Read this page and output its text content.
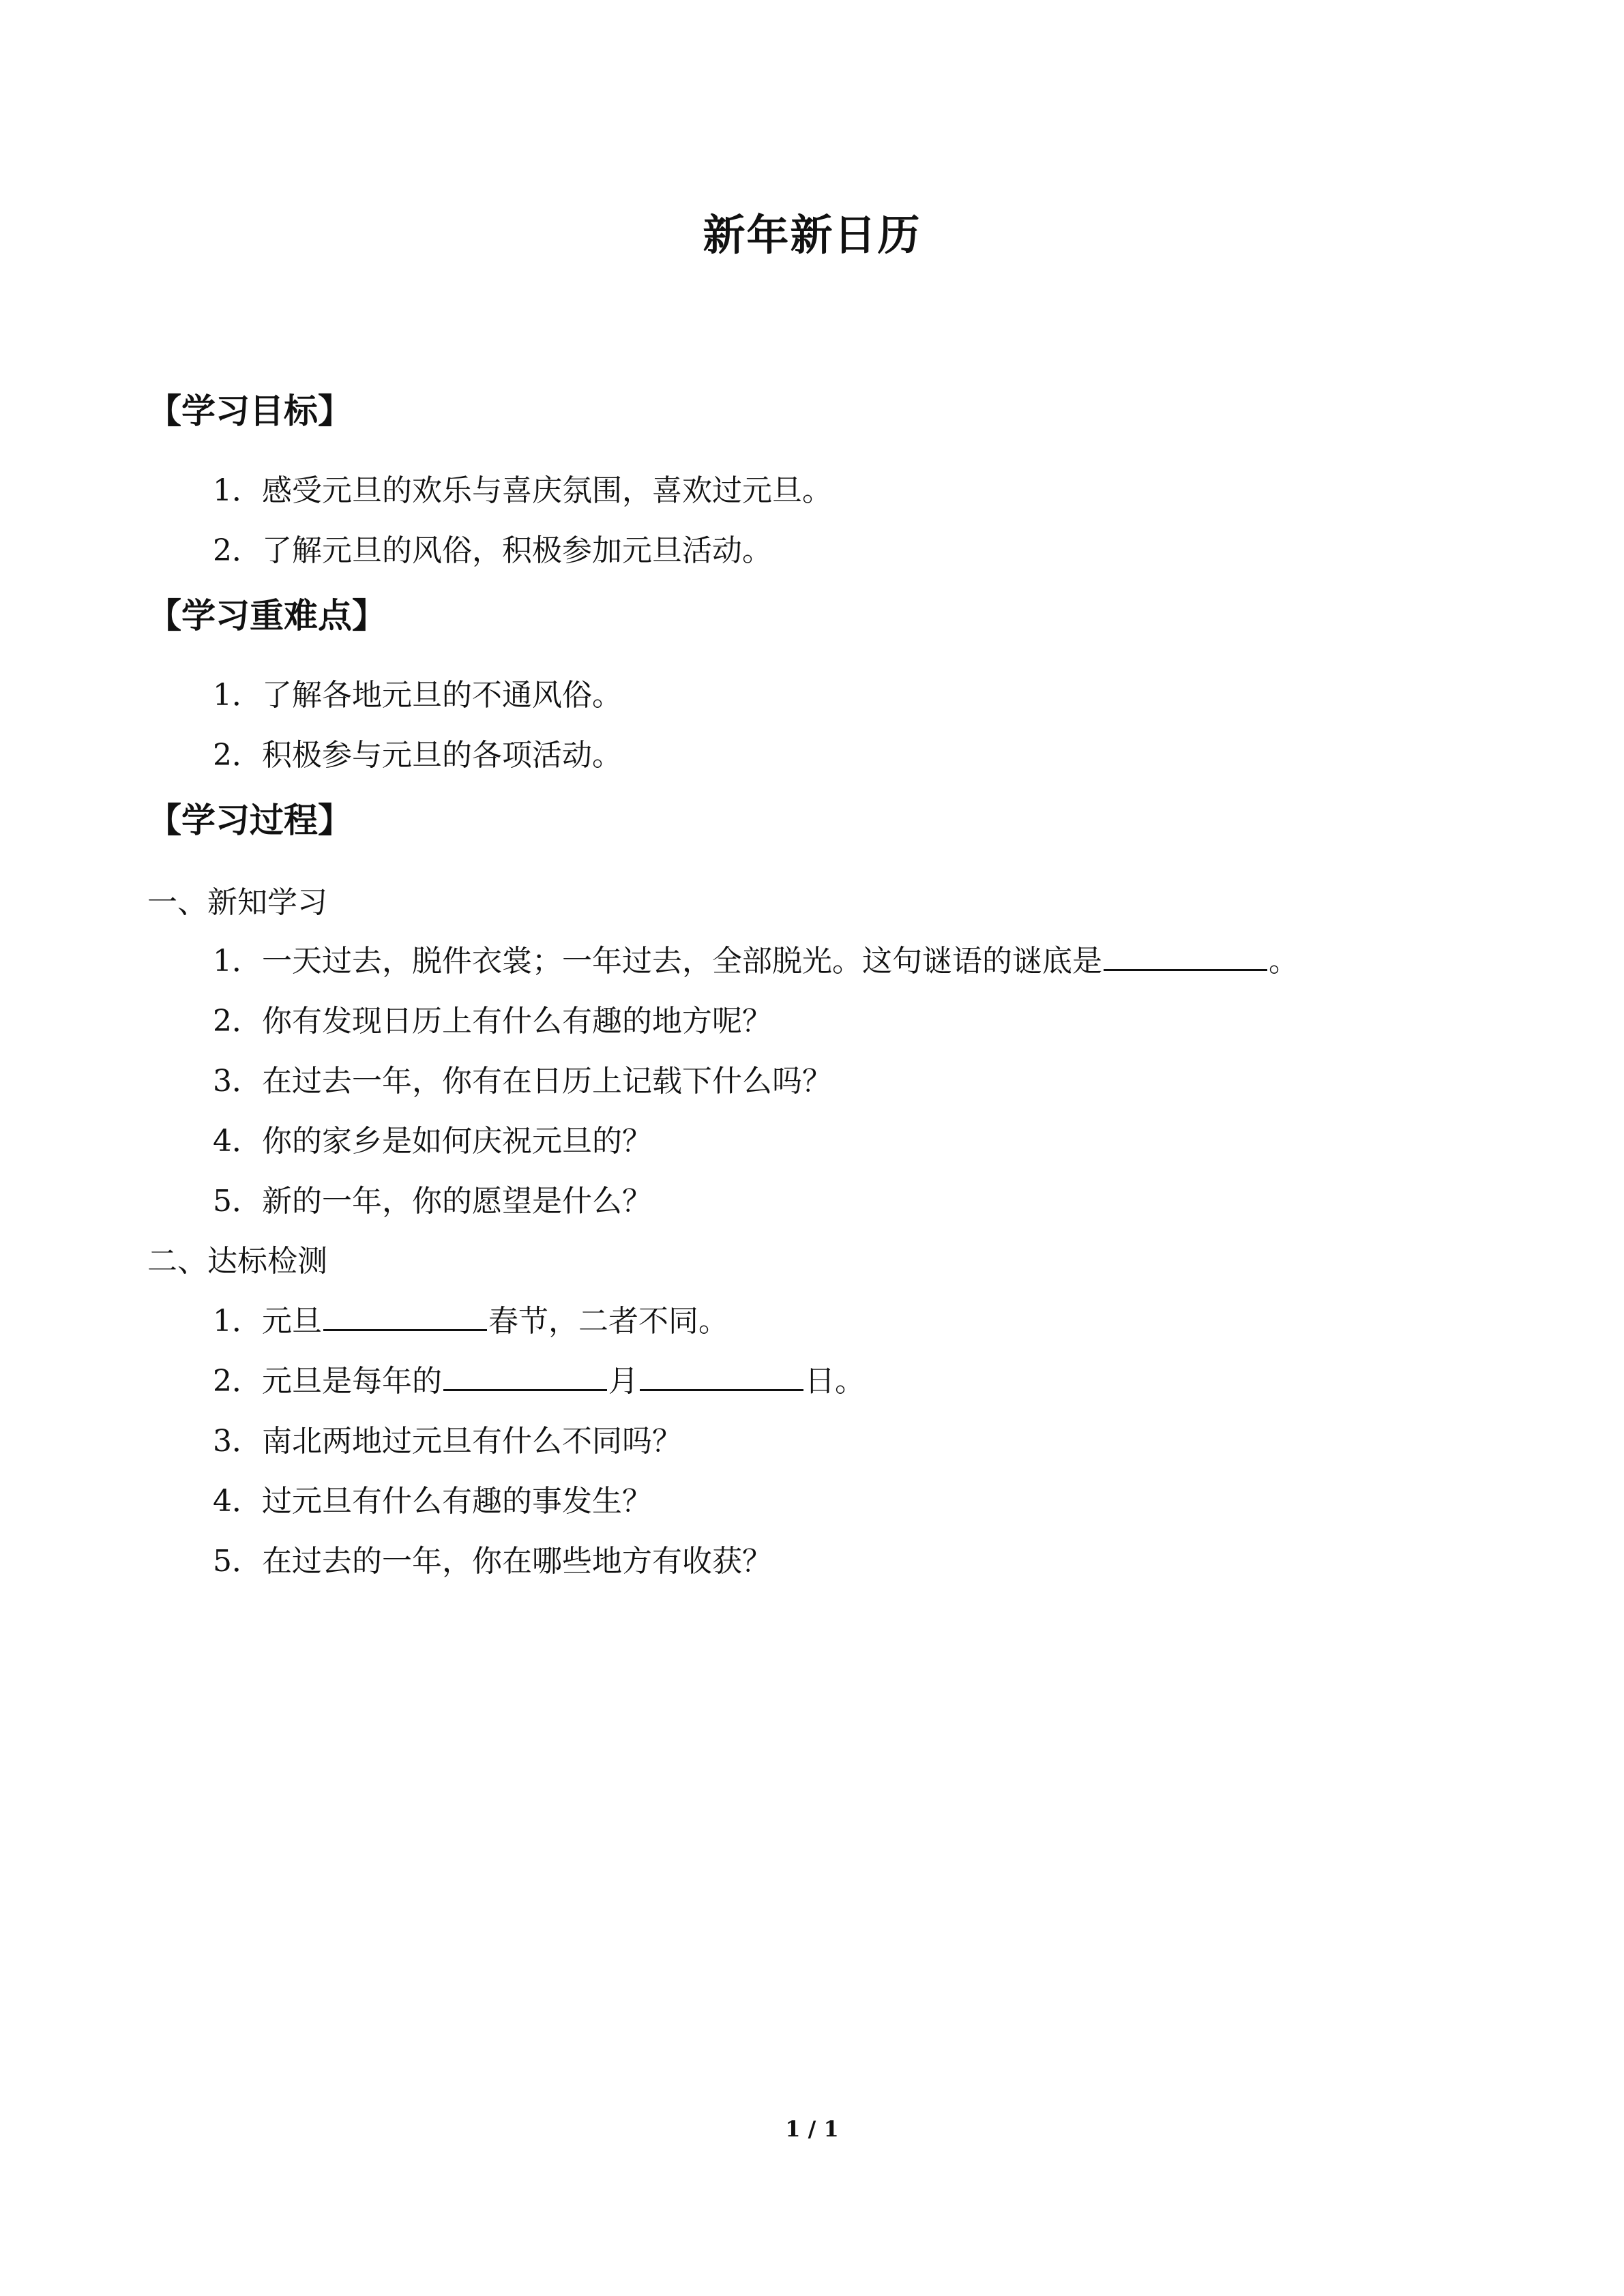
新年新日历
【学习目标】
1．感受元旦的欢乐与喜庆氛围，喜欢过元旦。
2．了解元旦的风俗，积极参加元旦活动。
【学习重难点】
1．了解各地元旦的不通风俗。
2．积极参与元旦的各项活动。
【学习过程】
一、新知学习
1．一天过去，脱件衣裳；一年过去，全部脱光。这句谜语的谜底是	。
2．你有发现日历上有什么有趣的地方呢？
3．在过去一年，你有在日历上记载下什么吗？
4．你的家乡是如何庆祝元旦的？
5．新的一年，你的愿望是什么？
二、达标检测
1．元旦	春节，二者不同。
2．元旦是每年的	月	日。
3．南北两地过元旦有什么不同吗？
4．过元旦有什么有趣的事发生？
5．在过去的一年，你在哪些地方有收获？
1 / 1
